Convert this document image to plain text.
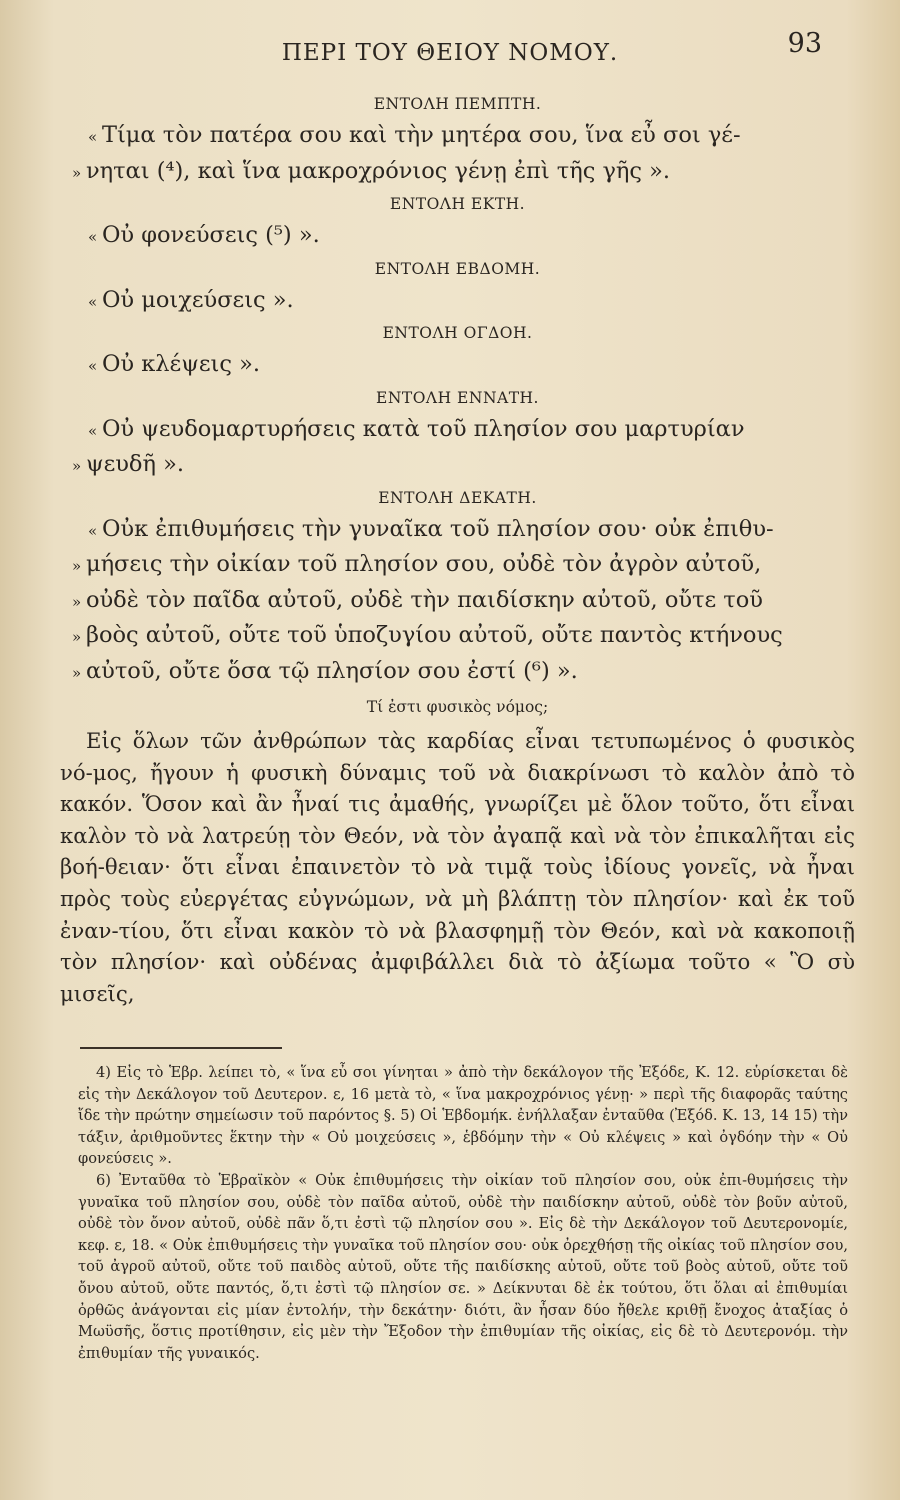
ΠΕΡΙ ΤΟΥ ΘΕΙΟΥ ΝΟΜΟΥ.	93
ΕΝΤΟΛΗ ΠΕΜΠΤΗ.

« Τίμα τὸν πατέρα σου καὶ τὴν μητέρα σου, ἵνα εὖ σοι γέ-

» νηται (⁴), καὶ ἵνα μακροχρόνιος γένῃ ἐπὶ τῆς γῆς ».

ΕΝΤΟΛΗ ΕΚΤΗ.

« Οὐ φονεύσεις (⁵) ».

ΕΝΤΟΛΗ ΕΒΔΟΜΗ.

« Οὐ μοιχεύσεις ».

ΕΝΤΟΛΗ ΟΓΔΟΗ.

« Οὐ κλέψεις ».

ΕΝΤΟΛΗ ΕΝΝΑΤΗ.

« Οὐ ψευδομαρτυρήσεις κατὰ τοῦ πλησίον σου μαρτυρίαν

» ψευδῆ ».

ΕΝΤΟΛΗ ΔΕΚΑΤΗ.

« Οὐκ ἐπιθυμήσεις τὴν γυναῖκα τοῦ πλησίον σου· οὐκ ἐπιθυ-

» μήσεις τὴν οἰκίαν τοῦ πλησίον σου, οὐδὲ τὸν ἀγρὸν αὐτοῦ,

» οὐδὲ τὸν παῖδα αὐτοῦ, οὐδὲ τὴν παιδίσκην αὐτοῦ, οὔτε τοῦ

» βοὸς αὐτοῦ, οὔτε τοῦ ὑποζυγίου αὐτοῦ, οὔτε παντὸς κτήνους

» αὐτοῦ, οὔτε ὅσα τῷ πλησίον σου ἐστί (⁶) ».

Τί ἐστι φυσικὸς νόμος;

Εἰς ὅλων τῶν ἀνθρώπων τὰς καρδίας εἶναι τετυπωμένος ὁ φυσικὸς νό-μος, ἤγουν ἡ φυσικὴ δύναμις τοῦ νὰ διακρίνωσι τὸ καλὸν ἀπὸ τὸ κακόν. Ὅσον καὶ ἂν ἦναί τις ἀμαθής, γνωρίζει μὲ ὅλον τοῦτο, ὅτι εἶναι καλὸν τὸ νὰ λατρεύῃ τὸν Θεόν, νὰ τὸν ἀγαπᾷ καὶ νὰ τὸν ἐπικαλῆται εἰς βοή-θειαν· ὅτι εἶναι ἐπαινετὸν τὸ νὰ τιμᾷ τοὺς ἰδίους γονεῖς, νὰ ἦναι πρὸς τοὺς εὐεργέτας εὐγνώμων, νὰ μὴ βλάπτῃ τὸν πλησίον· καὶ ἐκ τοῦ ἐναν-τίου, ὅτι εἶναι κακὸν τὸ νὰ βλασφημῇ τὸν Θεόν, καὶ νὰ κακοποιῇ τὸν πλησίον· καὶ οὐδένας ἀμφιβάλλει διὰ τὸ ἀξίωμα τοῦτο « Ὃ σὺ μισεῖς,

4) Εἰς τὸ Ἑβρ. λείπει τὸ, « ἵνα εὖ σοι γίνηται » ἀπὸ τὴν δεκάλογον τῆς Ἐξόδε, Κ. 12. εὑρίσκεται δὲ εἰς τὴν Δεκάλογον τοῦ Δευτερον. ε, 16 μετὰ τὸ, « ἵνα μακροχρόνιος γένῃ· » περὶ τῆς διαφορᾶς ταύτης ἴδε τὴν πρώτην σημείωσιν τοῦ παρόντος §. 5) Οἱ Ἑβδομήκ. ἐνήλλαξαν ἐνταῦθα (Ἐξόδ. Κ. 13, 14 15) τὴν τάξιν, ἀριθμοῦντες ἕκτην τὴν « Οὐ μοιχεύσεις », ἑβδόμην τὴν « Οὐ κλέψεις » καὶ ὀγδόην τὴν « Οὐ φονεύσεις ».

6) Ἐνταῦθα τὸ Ἑβραϊκὸν « Οὐκ ἐπιθυμήσεις τὴν οἰκίαν τοῦ πλησίον σου, οὐκ ἐπι-θυμήσεις τὴν γυναῖκα τοῦ πλησίον σου, οὐδὲ τὸν παῖδα αὐτοῦ, οὐδὲ τὴν παιδίσκην αὐτοῦ, οὐδὲ τὸν βοῦν αὐτοῦ, οὐδὲ τὸν ὄνον αὐτοῦ, οὐδὲ πᾶν ὅ,τι ἐστὶ τῷ πλησίον σου ». Εἰς δὲ τὴν Δεκάλογον τοῦ Δευτερονομίε, κεφ. ε, 18. « Οὐκ ἐπιθυμήσεις τὴν γυναῖκα τοῦ πλησίον σου· οὐκ ὀρεχθήσῃ τῆς οἰκίας τοῦ πλησίον σου, τοῦ ἀγροῦ αὐτοῦ, οὔτε τοῦ παιδὸς αὐτοῦ, οὔτε τῆς παιδίσκης αὐτοῦ, οὔτε τοῦ βοὸς αὐτοῦ, οὔτε τοῦ ὄνου αὐτοῦ, οὔτε παντός, ὅ,τι ἐστὶ τῷ πλησίον σε. » Δείκνυται δὲ ἐκ τούτου, ὅτι ὅλαι αἱ ἐπιθυμίαι ὀρθῶς ἀνάγονται εἰς μίαν ἐντολήν, τὴν δεκάτην· διότι, ἂν ἦσαν δύο ἤθελε κριθῇ ἔνοχος ἀταξίας ὁ Μωϋσῆς, ὅστις προτίθησιν, εἰς μὲν τὴν Ἔξοδον τὴν ἐπιθυμίαν τῆς οἰκίας, εἰς δὲ τὸ Δευτερονόμ. τὴν ἐπιθυμίαν τῆς γυναικός.
